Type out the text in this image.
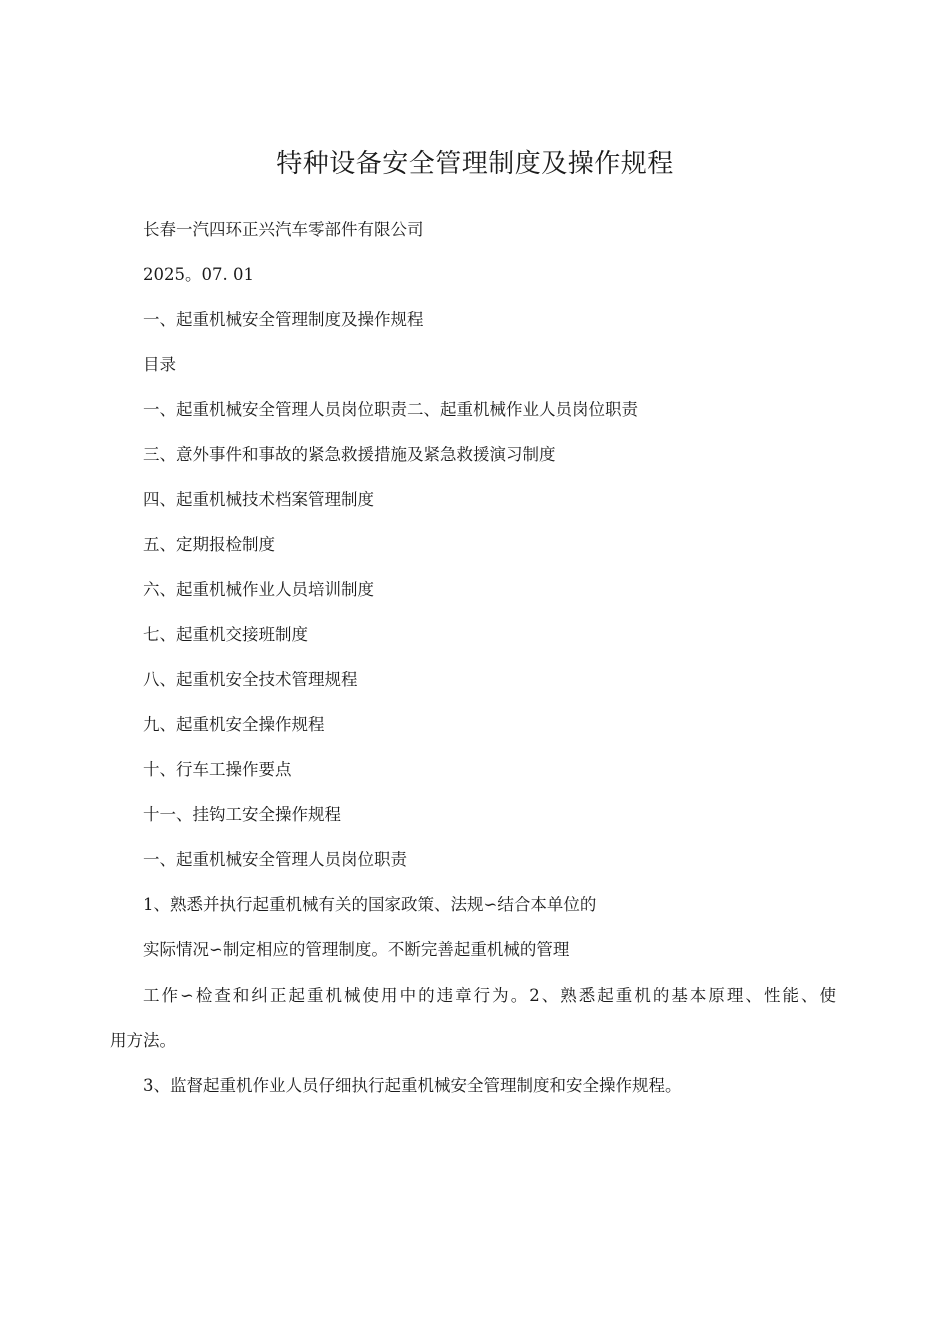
特种设备安全管理制度及操作规程
长春一汽四环正兴汽车零部件有限公司
2025。07. 01
一、起重机械安全管理制度及操作规程
目录
一、起重机械安全管理人员岗位职责二、起重机械作业人员岗位职责
三、意外事件和事故的紧急救援措施及紧急救援演习制度
四、起重机械技术档案管理制度
五、定期报检制度
六、起重机械作业人员培训制度
七、起重机交接班制度
八、起重机安全技术管理规程
九、起重机安全操作规程
十、行车工操作要点
十一、挂钩工安全操作规程
一、起重机械安全管理人员岗位职责
1、熟悉并执行起重机械有关的国家政策、法规∽结合本单位的
实际情况∽制定相应的管理制度。不断完善起重机械的管理
工作∽检查和纠正起重机械使用中的违章行为。2、熟悉起重机的基本原理、性能、使
用方法。
3、监督起重机作业人员仔细执行起重机械安全管理制度和安全操作规程。
